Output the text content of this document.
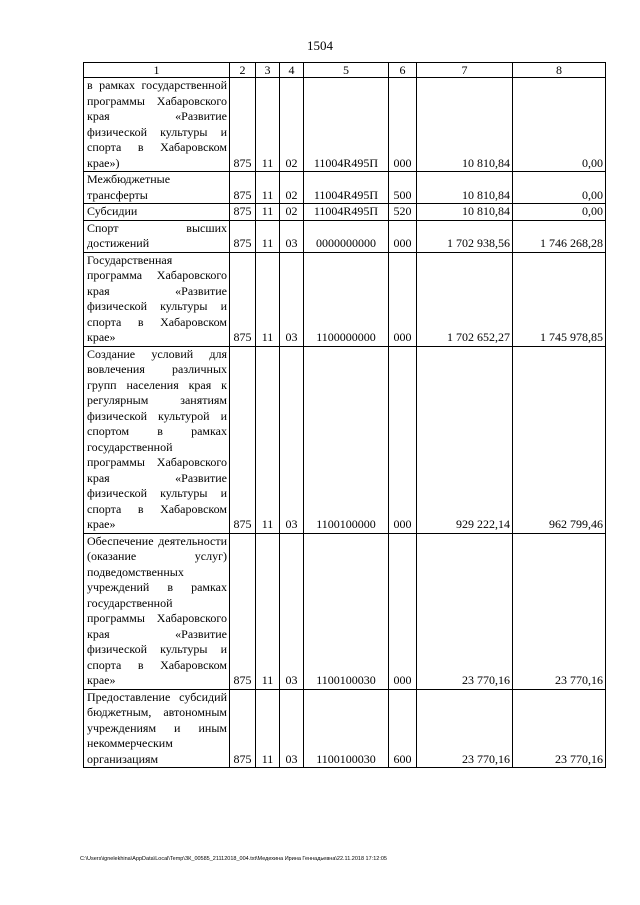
1504
1	2	3	4	5	6	7	8
в рамках государственной программы Хабаровского края «Развитие физической культуры и спорта в Хабаровском крае»)	875	11	02	11004R495П	000	10 810,84	0,00
Межбюджетные трансферты	875	11	02	11004R495П	500	10 810,84	0,00
Субсидии	875	11	02	11004R495П	520	10 810,84	0,00
Спорт высших достижений	875	11	03	0000000000	000	1 702 938,56	1 746 268,28
Государственная программа Хабаровского края «Развитие физической культуры и спорта в Хабаровском крае»	875	11	03	1100000000	000	1 702 652,27	1 745 978,85
Создание условий для вовлечения различных групп населения края к регулярным занятиям физической культурой и спортом в рамках государственной программы Хабаровского края «Развитие физической культуры и спорта в Хабаровском крае»	875	11	03	1100100000	000	929 222,14	962 799,46
Обеспечение деятельности (оказание услуг) подведомственных учреждений в рамках государственной программы Хабаровского края «Развитие физической культуры и спорта в Хабаровском крае»	875	11	03	1100100030	000	23 770,16	23 770,16
Предоставление субсидий бюджетным, автономным учреждениям и иным некоммерческим организациям	875	11	03	1100100030	600	23 770,16	23 770,16
C:\Users\ignelekhina\AppData\Local\Temp\ЗК_00585_21112018_004.txt\Медехина Ирина Геннадьевна\22.11.2018 17:12:05
